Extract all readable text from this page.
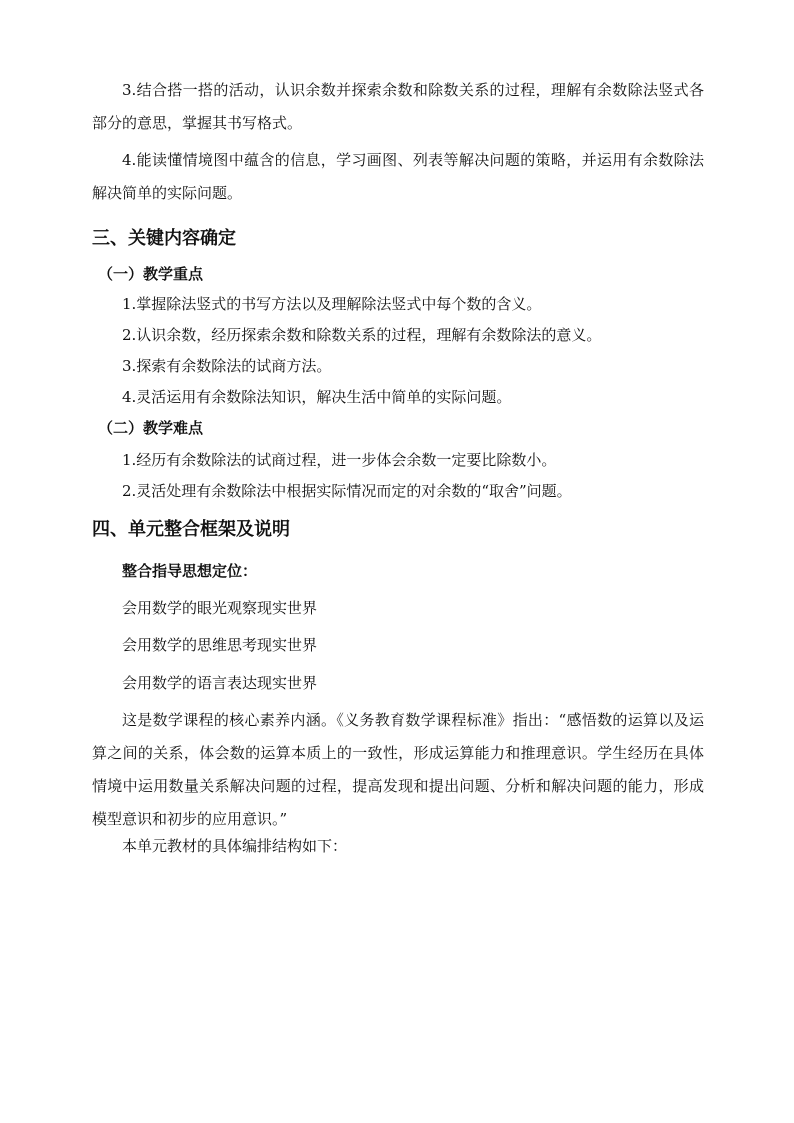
3.结合搭一搭的活动，认识余数并探索余数和除数关系的过程，理解有余数除法竖式各部分的意思，掌握其书写格式。

4.能读懂情境图中蕴含的信息，学习画图、列表等解决问题的策略，并运用有余数除法解决简单的实际问题。

三、关键内容确定
（一）教学重点

1.掌握除法竖式的书写方法以及理解除法竖式中每个数的含义。

2.认识余数，经历探索余数和除数关系的过程，理解有余数除法的意义。

3.探索有余数除法的试商方法。

4.灵活运用有余数除法知识，解决生活中简单的实际问题。

（二）教学难点

1.经历有余数除法的试商过程，进一步体会余数一定要比除数小。

2.灵活处理有余数除法中根据实际情况而定的对余数的“取舍”问题。

四、单元整合框架及说明

整合指导思想定位：

会用数学的眼光观察现实世界

会用数学的思维思考现实世界

会用数学的语言表达现实世界

这是数学课程的核心素养内涵。《义务教育数学课程标准》指出：“感悟数的运算以及运算之间的关系，体会数的运算本质上的一致性，形成运算能力和推理意识。学生经历在具体情境中运用数量关系解决问题的过程，提高发现和提出问题、分析和解决问题的能力，形成模型意识和初步的应用意识。”

本单元教材的具体编排结构如下：
